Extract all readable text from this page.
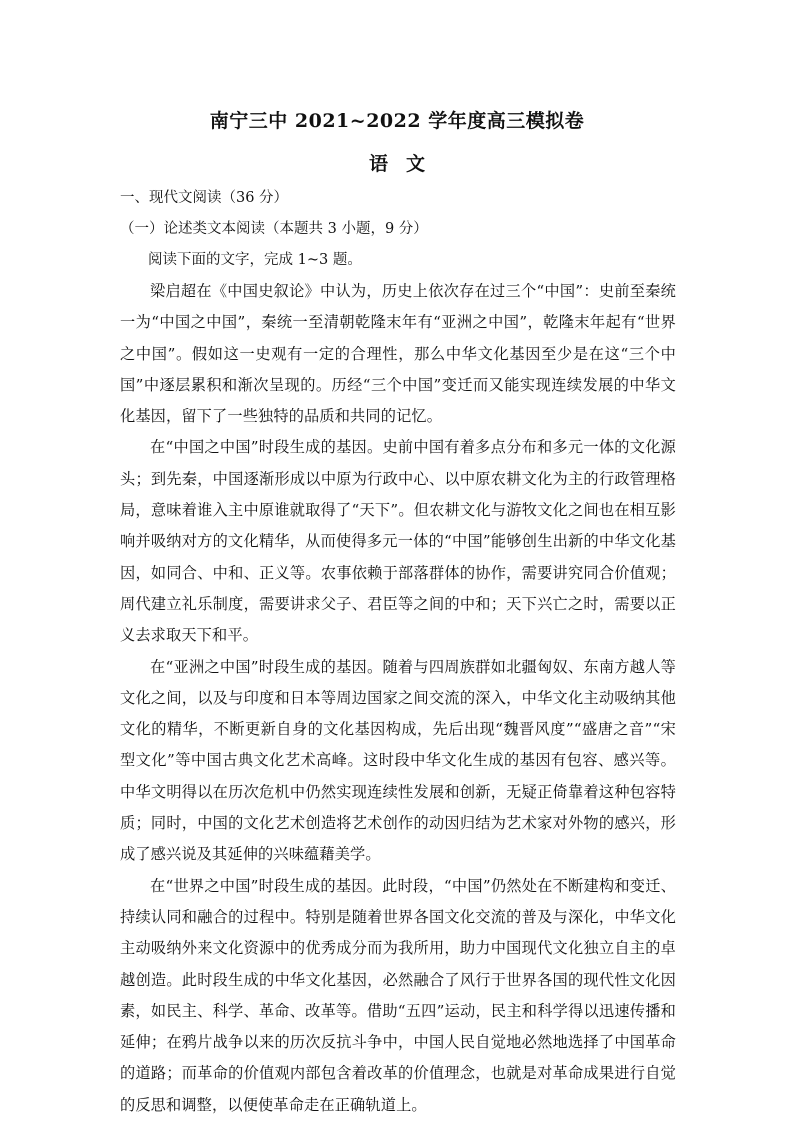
南宁三中 2021~2022 学年度高三模拟卷
语文
一、现代文阅读（36 分）
（一）论述类文本阅读（本题共 3 小题，9 分）
阅读下面的文字，完成 1~3 题。

梁启超在《中国史叙论》中认为，历史上依次存在过三个“中国”：史前至秦统一为“中国之中国”，秦统一至清朝乾隆末年有“亚洲之中国”，乾隆末年起有“世界之中国”。假如这一史观有一定的合理性，那么中华文化基因至少是在这“三个中国”中逐层累积和渐次呈现的。历经“三个中国”变迁而又能实现连续发展的中华文化基因，留下了一些独特的品质和共同的记忆。

在“中国之中国”时段生成的基因。史前中国有着多点分布和多元一体的文化源头；到先秦，中国逐渐形成以中原为行政中心、以中原农耕文化为主的行政管理格局，意味着谁入主中原谁就取得了“天下”。但农耕文化与游牧文化之间也在相互影响并吸纳对方的文化精华，从而使得多元一体的“中国”能够创生出新的中华文化基因，如同合、中和、正义等。农事依赖于部落群体的协作，需要讲究同合价值观；周代建立礼乐制度，需要讲求父子、君臣等之间的中和；天下兴亡之时，需要以正义去求取天下和平。

在“亚洲之中国”时段生成的基因。随着与四周族群如北疆匈奴、东南方越人等文化之间，以及与印度和日本等周边国家之间交流的深入，中华文化主动吸纳其他文化的精华，不断更新自身的文化基因构成，先后出现“魏晋风度”“盛唐之音”“宋型文化”等中国古典文化艺术高峰。这时段中华文化生成的基因有包容、感兴等。中华文明得以在历次危机中仍然实现连续性发展和创新，无疑正倚靠着这种包容特质；同时，中国的文化艺术创造将艺术创作的动因归结为艺术家对外物的感兴，形成了感兴说及其延伸的兴味蕴藉美学。

在“世界之中国”时段生成的基因。此时段，“中国”仍然处在不断建构和变迁、持续认同和融合的过程中。特别是随着世界各国文化交流的普及与深化，中华文化主动吸纳外来文化资源中的优秀成分而为我所用，助力中国现代文化独立自主的卓越创造。此时段生成的中华文化基因，必然融合了风行于世界各国的现代性文化因素，如民主、科学、革命、改革等。借助“五四”运动，民主和科学得以迅速传播和延伸；在鸦片战争以来的历次反抗斗争中，中国人民自觉地必然地选择了中国革命的道路；而革命的价值观内部包含着改革的价值理念，也就是对革命成果进行自觉的反思和调整，以便使革命走在正确轨道上。
